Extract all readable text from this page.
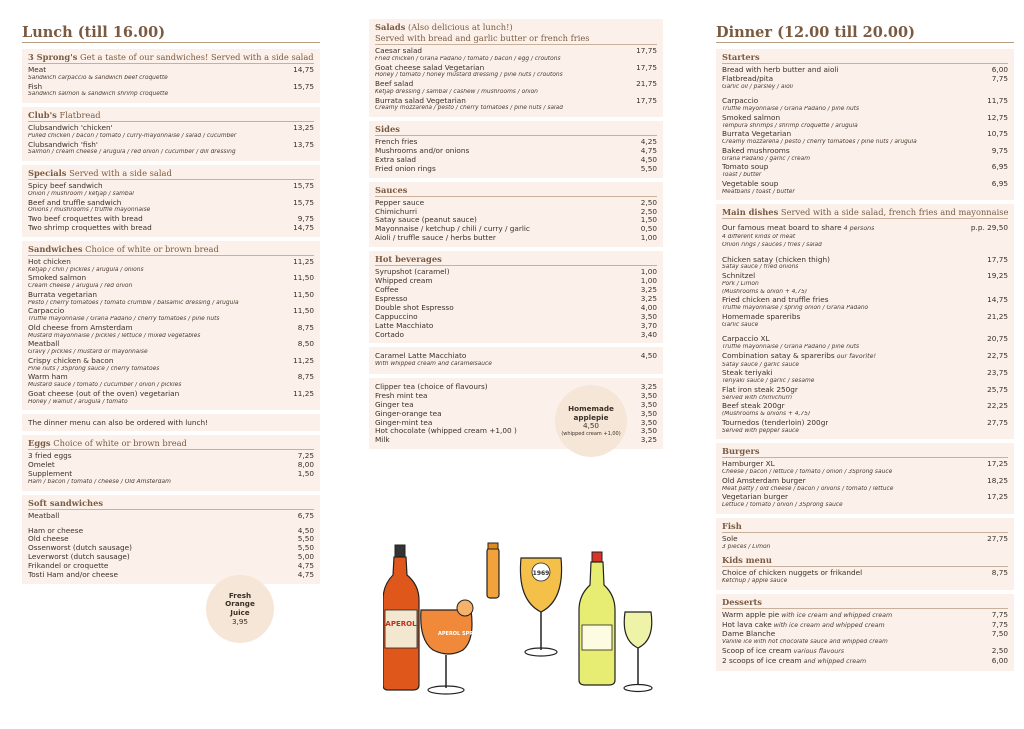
Lunch (till 16.00)
3 Sprong's Get a taste of our sandwiches! Served with a side salad
Meat	14,75
Sandwich carpaccio & sandwich beef croquette
Fish	15,75
Sandwich salmon & sandwich shrimp croquette
Club's Flatbread
Clubsandwich 'chicken'	13,25
Pulled chicken / bacon / tomato / curry-mayonnaise / salad / cucumber
Clubsandwich 'fish'	13,75
Salmon / cream cheese / arugula / red onion / cucumber / dill dressing
Specials Served with a side salad
Spicy beef sandwich	15,75
Onion / mushroom / ketjap / sambal
Beef and truffle sandwich	15,75
Onions / mushrooms / truffle mayonnaise
Two beef croquettes with bread	9,75
Two shrimp croquettes with bread	14,75
Sandwiches Choice of white or brown bread
Hot chicken	11,25
Ketjap / chili / pickles / arugula / onions
Smoked salmon	11,50
Cream cheese / arugula / red onion
Burrata vegetarian	11,50
Pesto / cherry tomatoes / tomato crumble / balsamic dressing / arugula
Carpaccio	11,50
Truffle mayonnaise / Grana Padano / cherry tomatoes / pine nuts
Old cheese from Amsterdam	8,75
Mustard mayonnaise / pickles / lettuce / mixed vegetables
Meatball	8,50
Gravy / pickles / mustard or mayonnaise
Crispy chicken & bacon	11,25
Pine nuts / 3Sprong sauce / cherry tomatoes
Warm ham	8,75
Mustard sauce / tomato / cucumber / onion / pickles
Goat cheese (out of the oven) vegetarian	11,25
Honey / walnut / arugula / tomato
The dinner menu can also be ordered with lunch!
Eggs Choice of white or brown bread
3 fried eggs	7,25
Omelet	8,00
Supplement	1,50
Ham / bacon / tomato / cheese / Old Amsterdam
Soft sandwiches
Meatball	6,75
Ham or cheese	4,50
Old cheese	5,50
Ossenworst (dutch sausage)	5,50
Leverworst (dutch sausage)	5,00
Frikandel or croquette	4,75
Tosti Ham and/or cheese	4,75
Fresh
Orange
Juice
3,95
Salads (Also delicious at lunch!)
Served with bread and garlic butter or french fries
Caesar salad	17,75
Fried chicken / Grana Padano / tomato / bacon / egg / croutons
Goat cheese salad Vegetarian	17,75
Honey / tomato / honey mustard dressing / pine nuts / croutons
Beef salad	21,75
Ketjap dressing / sambal / cashew / mushrooms / onion
Burrata salad Vegetarian	17,75
Creamy mozzarella / pesto / cherry tomatoes / pine nuts / salad
Sides
French fries	4,25
Mushrooms and/or onions	4,75
Extra salad	4,50
Fried onion rings	5,50
Sauces
Pepper sauce	2,50
Chimichurri	2,50
Satay sauce (peanut sauce)	1,50
Mayonnaise / ketchup / chili / curry / garlic	0,50
Aioli / truffle sauce / herbs butter	1,00
Hot beverages
Syrupshot (caramel)	1,00
Whipped cream	1,00
Coffee	3,25
Espresso	3,25
Double shot Espresso	4,00
Cappuccino	3,50
Latte Macchiato	3,70
Cortado	3,40
Caramel Latte Macchiato	4,50
With whipped cream and caramelsauce
Clipper tea (choice of flavours)	3,25
Fresh mint tea	3,50
Ginger tea	3,50
Ginger-orange tea	3,50
Ginger-mint tea	3,50
Hot chocolate (whipped cream +1,00 )	3,50
Milk	3,25
Homemade
applepie
4,50
(whipped cream +1,00)
APEROL
APEROL SPRITZ
1969
Dinner (12.00 till 20.00)
Starters
Bread with herb butter and aioli	6,00
Flatbread/pita	7,75
Garlic oil / parsley / aioli
Carpaccio	11,75
Truffle mayonnaise / Grana Padano / pine nuts
Smoked salmon	12,75
Tempura shrimps / shrimp croquette / arugula
Burrata Vegetarian	10,75
Creamy mozzarella / pesto / cherry tomatoes / pine nuts / arugula
Baked mushrooms	9,75
Grana Padano / garlic / cream
Tomato soup	6,95
Toast / butter
Vegetable soup	6,95
Meatballs / toast / butter
Main dishes Served with a side salad, french fries and mayonnaise
Our famous meat board to share 4 persons	p.p. 29,50
4 different kinds of meat
Onion rings / sauces / fries / salad
Chicken satay (chicken thigh)	17,75
Satay sauce / fried onions
Schnitzel	19,25
Pork / Limón
(Mushrooms & onion + 4,75)
Fried chicken and truffle fries	14,75
Truffle mayonnaise / spring onion / Grana Padano
Homemade spareribs	21,25
Garlic sauce
Carpaccio XL	20,75
Truffle mayonnaise / Grana Padano / pine nuts
Combination satay & spareribs our favorite!	22,75
Satay sauce / garlic sauce
Steak teriyaki	23,75
Teriyaki sauce / garlic / sesame
Flat iron steak 250gr	25,75
Served with chimichurri
Beef steak 200gr	22,25
(Mushrooms & onions + 4,75)
Tournedos (tenderloin) 200gr	27,75
Served with pepper sauce
Burgers
Hamburger XL	17,25
Cheese / bacon / lettuce / tomato / onion / 3Sprong sauce
Old Amsterdam burger	18,25
Meat patty / old cheese / bacon / onions / tomato / lettuce
Vegetarian burger	17,25
Lettuce / tomato / onion / 3Sprong sauce
Fish
Sole	27,75
3 pieces / Limón
Kids menu
Choice of chicken nuggets or frikandel	8,75
Ketchup / apple sauce
Desserts
Warm apple pie with ice cream and whipped cream	7,75
Hot lava cake with ice cream and whipped cream	7,75
Dame Blanche	7,50
Vanille ice with hot chocolate sauce and whipped cream
Scoop of ice cream various flavours	2,50
2 scoops of ice cream and whipped cream	6,00
